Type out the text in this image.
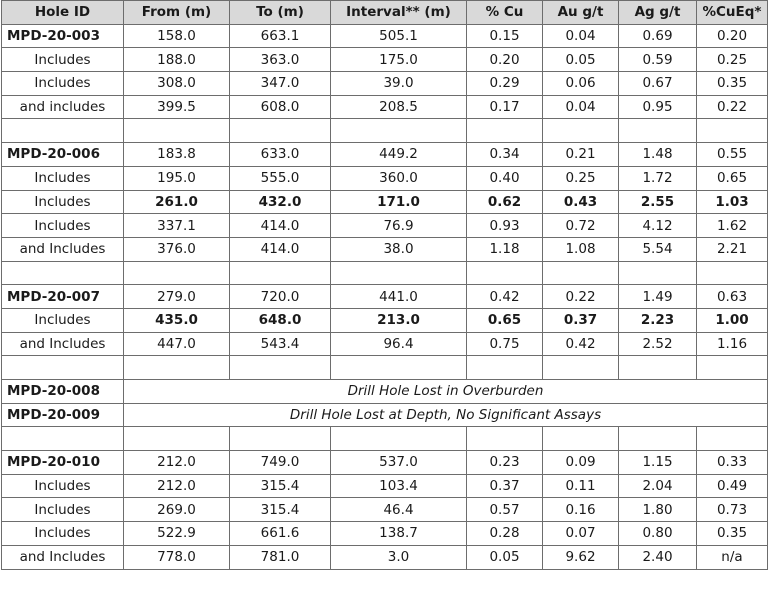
Hole ID	From (m)	To (m)	Interval** (m)	% Cu	Au g/t	Ag g/t	%CuEq*
MPD-20-003	158.0	663.1	505.1	0.15	0.04	0.69	0.20
Includes	188.0	363.0	175.0	0.20	0.05	0.59	0.25
Includes	308.0	347.0	39.0	0.29	0.06	0.67	0.35
and includes	399.5	608.0	208.5	0.17	0.04	0.95	0.22

MPD-20-006	183.8	633.0	449.2	0.34	0.21	1.48	0.55
Includes	195.0	555.0	360.0	0.40	0.25	1.72	0.65
Includes	261.0	432.0	171.0	0.62	0.43	2.55	1.03
Includes	337.1	414.0	76.9	0.93	0.72	4.12	1.62
and Includes	376.0	414.0	38.0	1.18	1.08	5.54	2.21

MPD-20-007	279.0	720.0	441.0	0.42	0.22	1.49	0.63
Includes	435.0	648.0	213.0	0.65	0.37	2.23	1.00
and Includes	447.0	543.4	96.4	0.75	0.42	2.52	1.16

MPD-20-008	Drill Hole Lost in Overburden						
MPD-20-009	Drill Hole Lost at Depth, No Significant Assays						

MPD-20-010	212.0	749.0	537.0	0.23	0.09	1.15	0.33
Includes	212.0	315.4	103.4	0.37	0.11	2.04	0.49
Includes	269.0	315.4	46.4	0.57	0.16	1.80	0.73
Includes	522.9	661.6	138.7	0.28	0.07	0.80	0.35
and Includes	778.0	781.0	3.0	0.05	9.62	2.40	n/a
